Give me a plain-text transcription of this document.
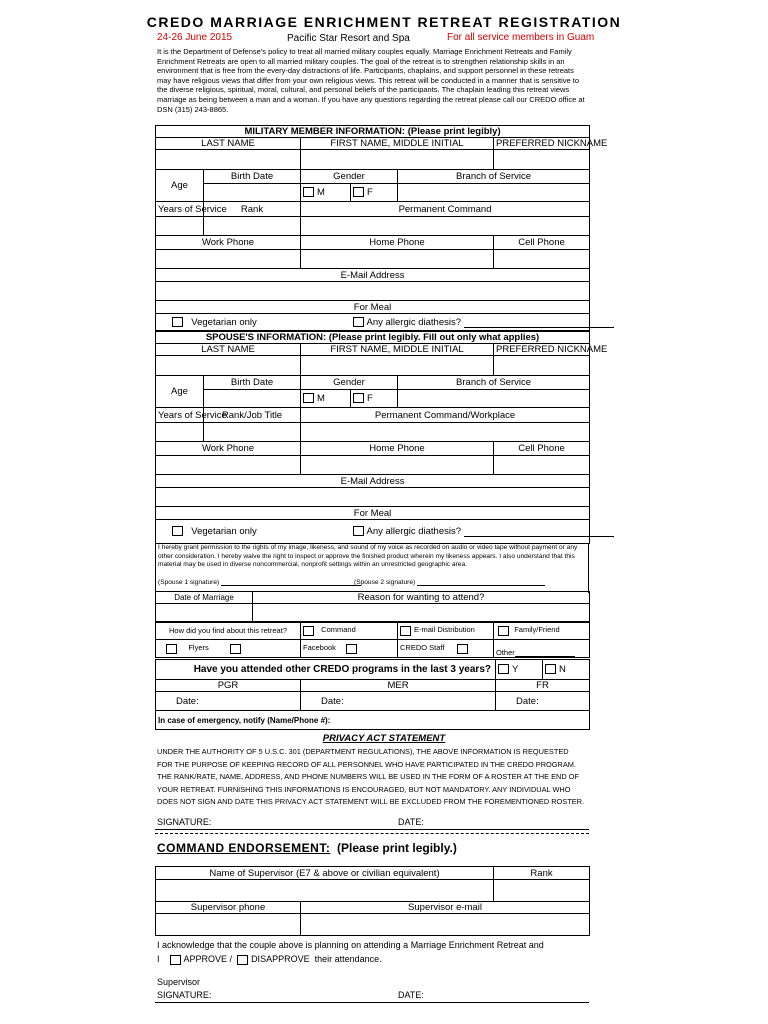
CREDO MARRIAGE ENRICHMENT RETREAT REGISTRATION
24-26 June 2015	Pacific Star Resort and Spa	For all service members in Guam
It is the Department of Defense's policy to treat all married military couples equally. Marriage Enrichment Retreats and Family Enrichment Retreats are open to all married military couples. The goal of the retreat is to strengthen relationship skills in an environment that is free from the every-day distractions of life. Participants, chaplains, and support personnel in these retreats may have religious views that differ from your own religious views. This retreat will be conducted in a manner that is sensitive to the diverse religious, spiritual, moral, cultural, and personal beliefs of the participants. The chaplain leading this retreat views marriage as being between a man and a woman. If you have any questions regarding the retreat please call our CREDO office at DSN (315) 243-8865.
MILITARY MEMBER INFORMATION: (Please print legibly)					
LAST NAME		FIRST NAME, MIDDLE INITIAL			PREFERRED NICKNAME

Age	Birth Date	Gender		Branch of Service	
		M	F		
Years of Service	Rank	Permanent Command			

Work Phone		Home Phone			Cell Phone

E-Mail Address					

For Meal					
Vegetarian only			Any allergic diathesis?		
SPOUSE'S INFORMATION: (Please print legibly. Fill out only what applies)					
LAST NAME		FIRST NAME, MIDDLE INITIAL			PREFERRED NICKNAME

Age	Birth Date	Gender		Branch of Service	
		M	F		
Years of Service	Rank/Job Title	Permanent Command/Workplace			

Work Phone		Home Phone			Cell Phone

E-Mail Address					

For Meal					
Vegetarian only			Any allergic diathesis?		
I hereby grant permission to the rights of my image, likeness, and sound of my voice as recorded on audio or video tape without payment or any other consideration. I hereby waive the right to inspect or approve the finished product wherein my likeness appears. I also understand that this material may be used in diverse noncommercial, nonprofit settings within an unrestricted geographic area.
(Spouse 1 signature)	(Spouse 2 signature)
Date of Marriage	Reason for wanting to attend?

How did you find about this retreat?	Command	E-mail Distribution	Family/Friend
Flyers	Facebook	CREDO Staff	Other
Have you attended other CREDO programs in the last 3 years?		Y	N
PGR	MER	FR	
Date:	Date:	Date:	
In case of emergency, notify (Name/Phone #):			
PRIVACY ACT STATEMENT
UNDER THE AUTHORITY OF 5 U.S.C. 301 (DEPARTMENT REGULATIONS), THE ABOVE INFORMATION IS REQUESTED
FOR THE PURPOSE OF KEEPING RECORD OF ALL PERSONNEL WHO HAVE PARTICIPATED IN THE CREDO PROGRAM.
THE RANK/RATE, NAME, ADDRESS, AND PHONE NUMBERS WILL BE USED IN THE FORM OF A ROSTER AT THE END OF
YOUR RETREAT. FURNISHING THIS INFORMATIONS IS ENCOURAGED, BUT NOT MANDATORY. ANY INDIVIDUAL WHO
DOES NOT SIGN AND DATE THIS PRIVACY ACT STATEMENT WILL BE EXCLUDED FROM THE FOREMENTIONED ROSTER.
SIGNATURE:	DATE:
COMMAND ENDORSEMENT: (Please print legibly.)
Name of Supervisor (E7 & above or civilian equivalent)		Rank

Supervisor phone	Supervisor e-mail	

I acknowledge that the couple above is planning on attending a Marriage Enrichment Retreat and
I	APPROVE / DISAPPROVE their attendance.
Supervisor
SIGNATURE:	DATE:
